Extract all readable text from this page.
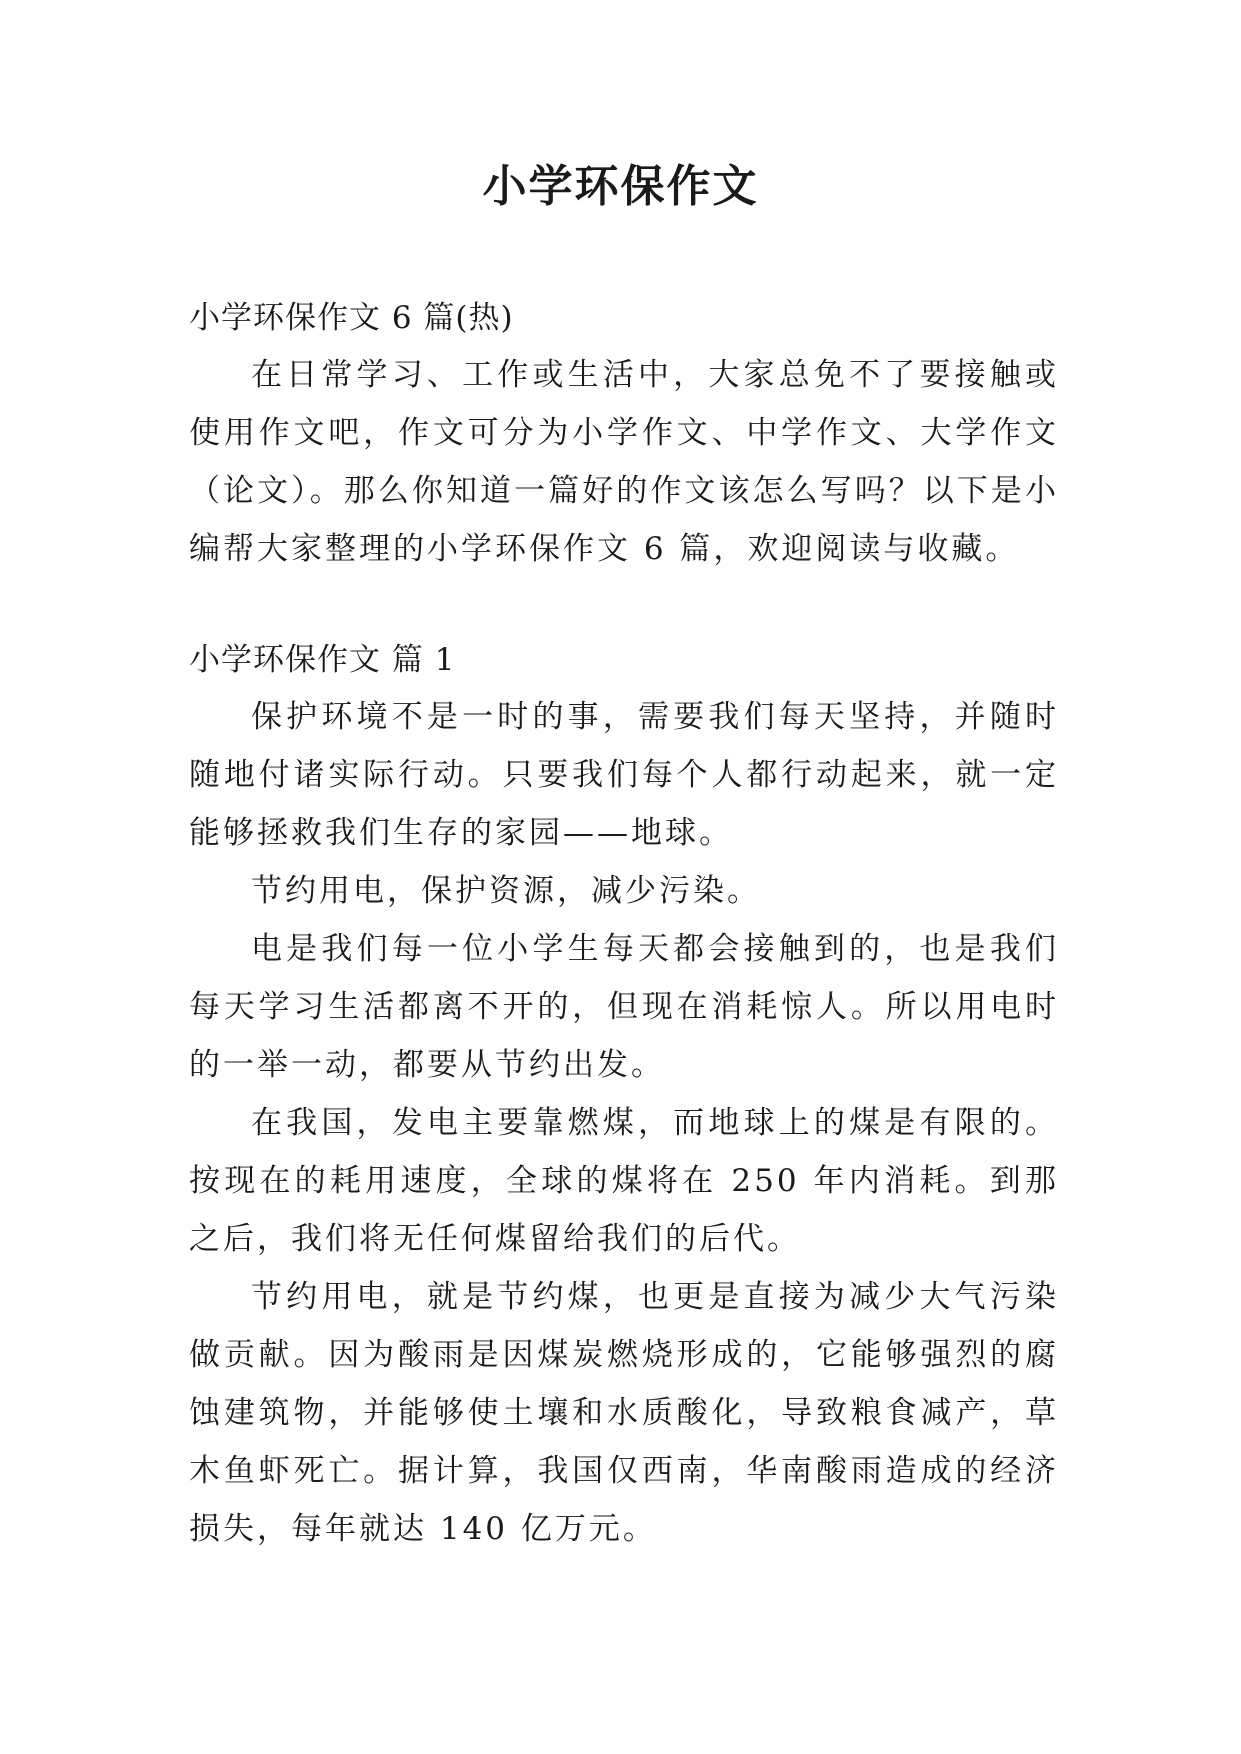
小学环保作文

小学环保作文 6 篇(热)

在日常学习、工作或生活中，大家总免不了要接触或使用作文吧，作文可分为小学作文、中学作文、大学作文（论文）。那么你知道一篇好的作文该怎么写吗？以下是小编帮大家整理的小学环保作文 6 篇，欢迎阅读与收藏。

小学环保作文 篇 1

保护环境不是一时的事，需要我们每天坚持，并随时随地付诸实际行动。只要我们每个人都行动起来，就一定能够拯救我们生存的家园——地球。

节约用电，保护资源，减少污染。

电是我们每一位小学生每天都会接触到的，也是我们每天学习生活都离不开的，但现在消耗惊人。所以用电时的一举一动，都要从节约出发。

在我国，发电主要靠燃煤，而地球上的煤是有限的。按现在的耗用速度，全球的煤将在 250 年内消耗。到那之后，我们将无任何煤留给我们的后代。

节约用电，就是节约煤，也更是直接为减少大气污染做贡献。因为酸雨是因煤炭燃烧形成的，它能够强烈的腐蚀建筑物，并能够使土壤和水质酸化，导致粮食减产，草木鱼虾死亡。据计算，我国仅西南，华南酸雨造成的经济损失，每年就达 140 亿万元。
